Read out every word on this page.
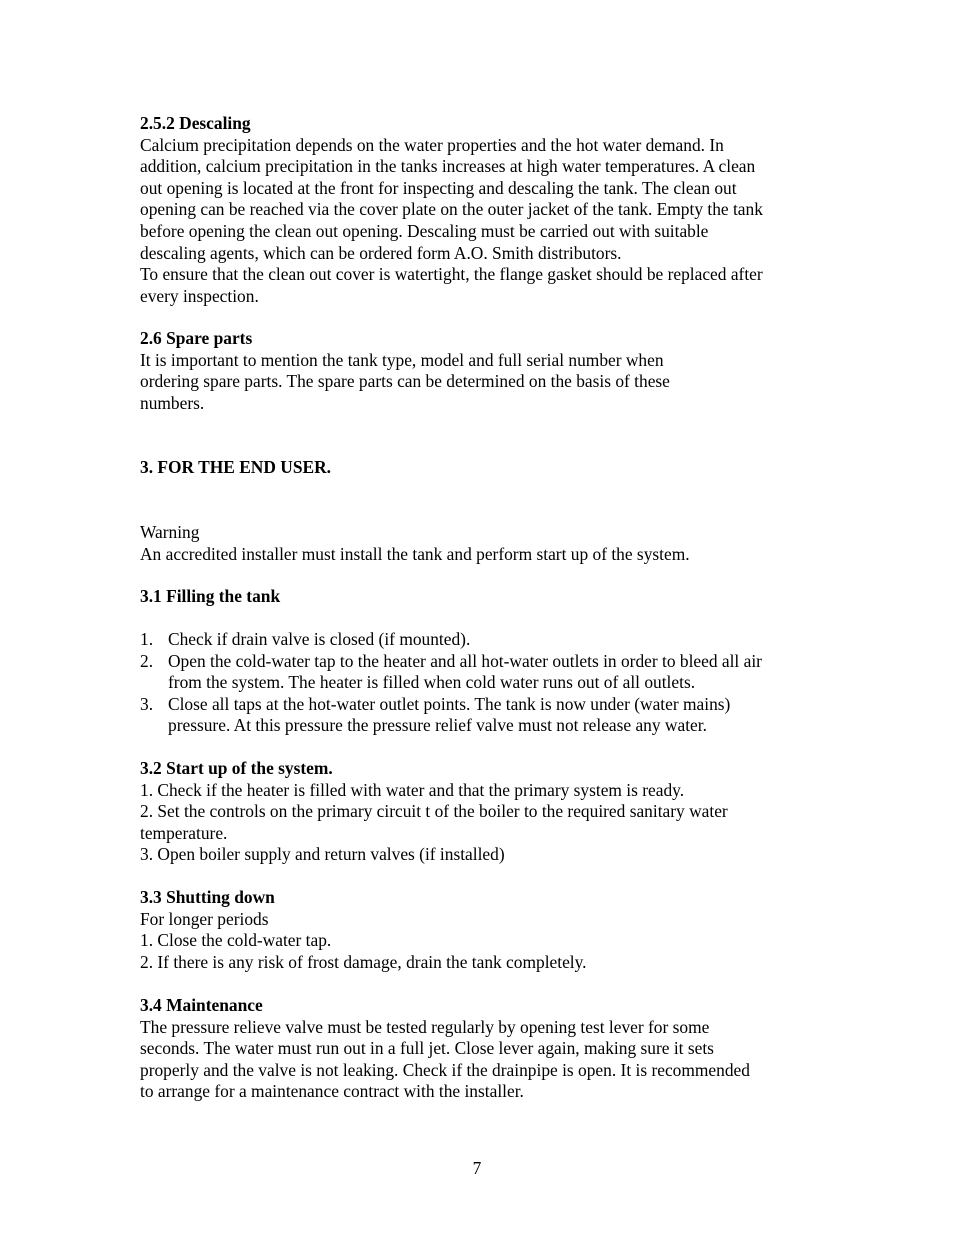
2.5.2 Descaling
Calcium precipitation depends on the water properties and the hot water demand. In
addition, calcium precipitation in the tanks increases at high water temperatures. A clean
out opening is located at the front for inspecting and descaling the tank. The clean out
opening can be reached via the cover plate on the outer jacket of the tank. Empty the tank
before opening the clean out opening. Descaling must be carried out with suitable
descaling agents, which can be ordered form A.O. Smith distributors.
To ensure that the clean out cover is watertight, the flange gasket should be replaced after
every inspection.
2.6 Spare parts
It is important to mention the tank type, model and full serial number when
ordering spare parts. The spare parts can be determined on the basis of these
numbers.
3. FOR THE END USER.
Warning
An accredited installer must install the tank and perform start up of the system.
3.1 Filling the tank
1. Check if drain valve is closed (if mounted).
2. Open the cold-water tap to the heater and all hot-water outlets in order to bleed all air
from the system. The heater is filled when cold water runs out of all outlets.
3. Close all taps at the hot-water outlet points. The tank is now under (water mains)
pressure. At this pressure the pressure relief valve must not release any water.
3.2 Start up of the system.
1. Check if the heater is filled with water and that the primary system is ready.
2. Set the controls on the primary circuit t of the boiler to the required sanitary water
temperature.
3. Open boiler supply and return valves (if installed)
3.3 Shutting down
For longer periods
1. Close the cold-water tap.
2. If there is any risk of frost damage, drain the tank completely.
3.4 Maintenance
The pressure relieve valve must be tested regularly by opening test lever for some
seconds. The water must run out in a full jet. Close lever again, making sure it sets
properly and the valve is not leaking. Check if the drainpipe is open. It is recommended
to arrange for a maintenance contract with the installer.
7
